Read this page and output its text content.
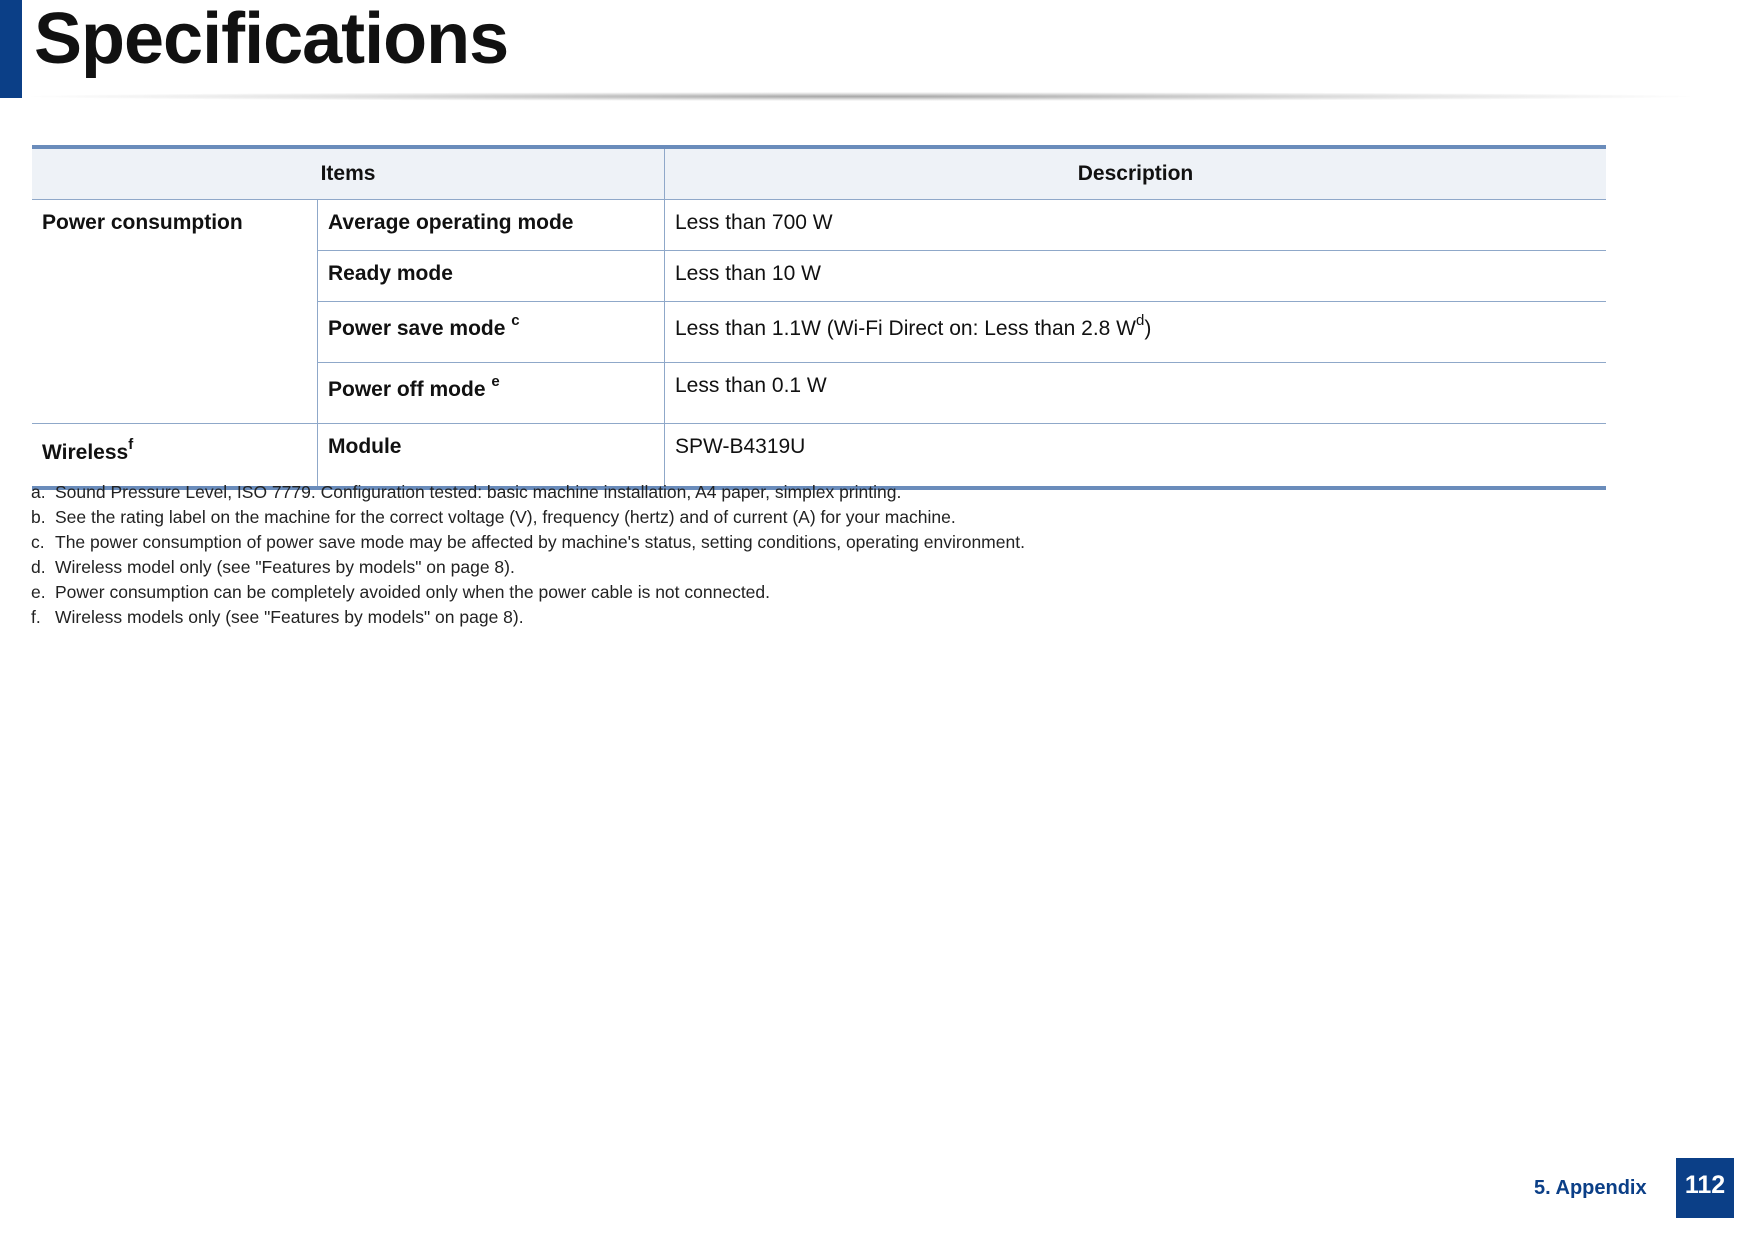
Specifications
Items		Description
Power consumption	Average operating mode	Less than 700 W
	Ready mode	Less than 10 W
	Power save mode $^c$	Less than 1.1W (Wi-Fi Direct on: Less than 2.8 $W^d$)
	Power off mode $^e$	Less than 0.1 W
Wireless$^f$	Module	SPW-B4319U
a. Sound Pressure Level, ISO 7779. Configuration tested: basic machine installation, A4 paper, simplex printing.
b. See the rating label on the machine for the correct voltage (V), frequency (hertz) and of current (A) for your machine.
c. The power consumption of power save mode may be affected by machine's status, setting conditions, operating environment.
d. Wireless model only (see "Features by models" on page 8).
e. Power consumption can be completely avoided only when the power cable is not connected.
f. Wireless models only (see "Features by models" on page 8).
5. Appendix	112
